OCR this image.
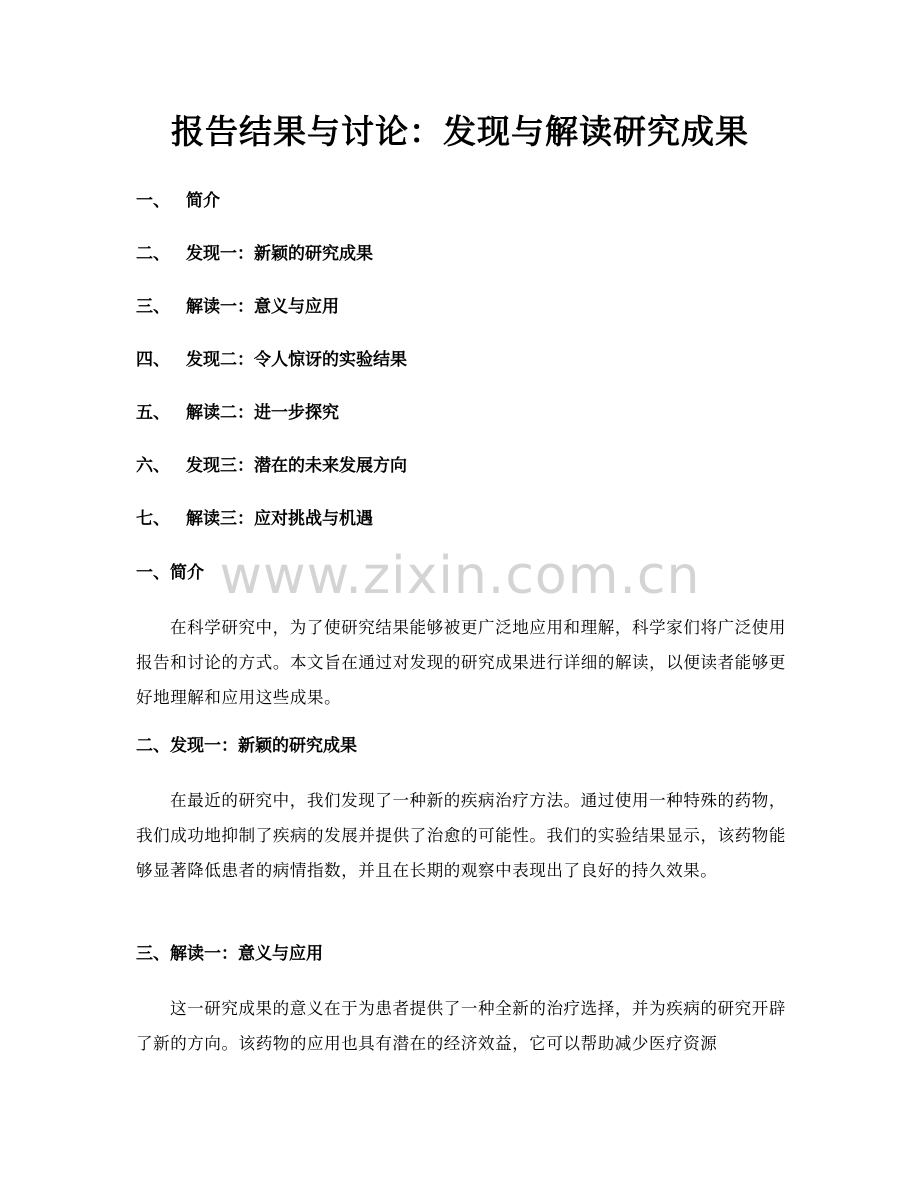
报告结果与讨论：发现与解读研究成果
一、 简介
二、 发现一：新颖的研究成果
三、 解读一：意义与应用
四、 发现二：令人惊讶的实验结果
五、 解读二：进一步探究
六、 发现三：潜在的未来发展方向
七、 解读三：应对挑战与机遇
www.zixin.com.cn
一、简介

在科学研究中，为了使研究结果能够被更广泛地应用和理解，科学家们将广泛使用报告和讨论的方式。本文旨在通过对发现的研究成果进行详细的解读，以便读者能够更好地理解和应用这些成果。

二、发现一：新颖的研究成果

在最近的研究中，我们发现了一种新的疾病治疗方法。通过使用一种特殊的药物，我们成功地抑制了疾病的发展并提供了治愈的可能性。我们的实验结果显示，该药物能够显著降低患者的病情指数，并且在长期的观察中表现出了良好的持久效果。

三、解读一：意义与应用

这一研究成果的意义在于为患者提供了一种全新的治疗选择，并为疾病的研究开辟了新的方向。该药物的应用也具有潜在的经济效益，它可以帮助减少医疗资源
